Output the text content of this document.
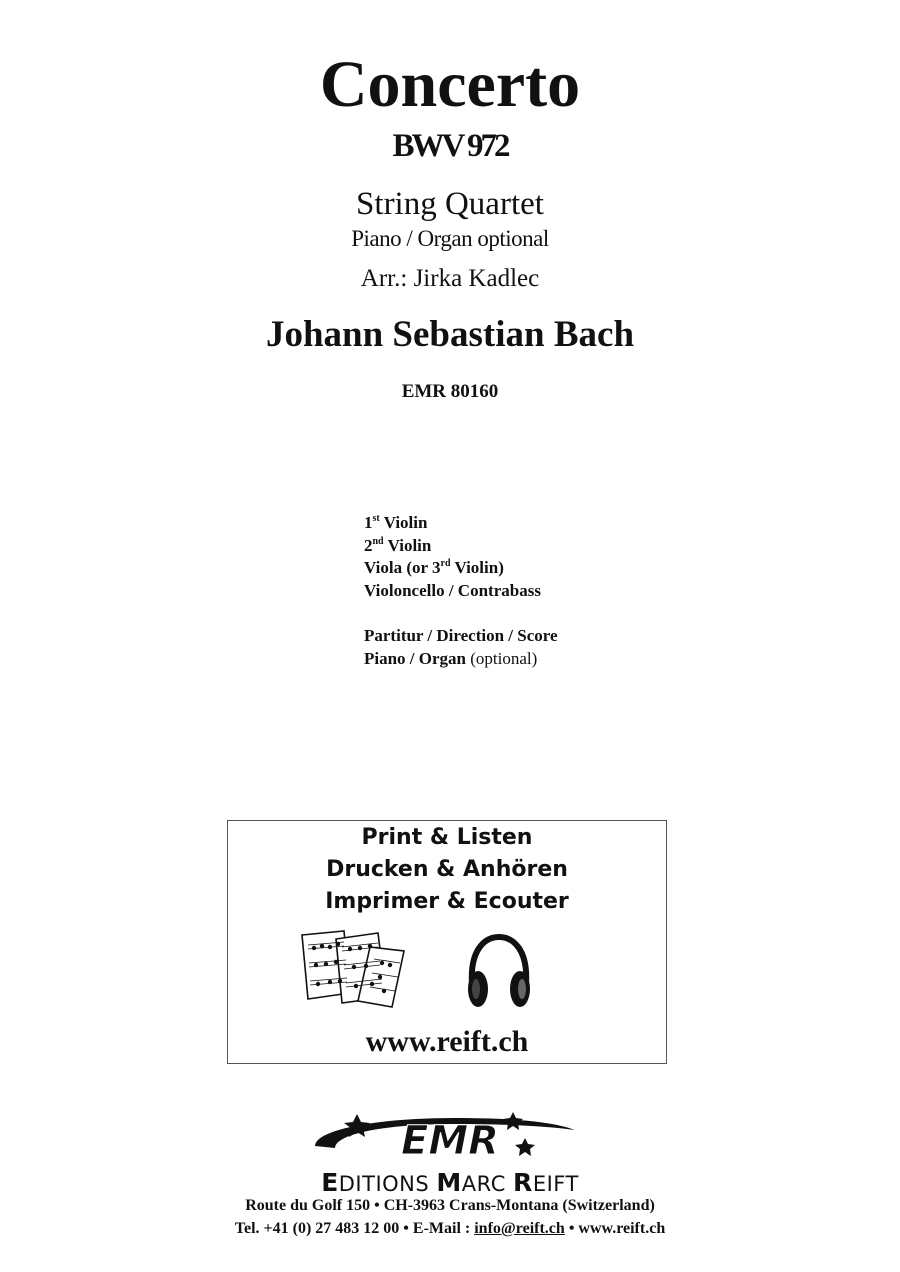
Concerto
BWV 972
String Quartet
Piano / Organ optional
Arr.: Jirka Kadlec
Johann Sebastian Bach
EMR 80160
1st Violin
2nd Violin
Viola (or 3rd Violin)
Violoncello / Contrabass
Partitur / Direction / Score
Piano / Organ (optional)
Print & Listen
Drucken & Anhören
Imprimer & Ecouter
www.reift.ch
EMR
EDITIONS MARC REIFT
Route du Golf 150 • CH-3963 Crans-Montana (Switzerland)
Tel. +41 (0) 27 483 12 00 • E-Mail : info@reift.ch • www.reift.ch
